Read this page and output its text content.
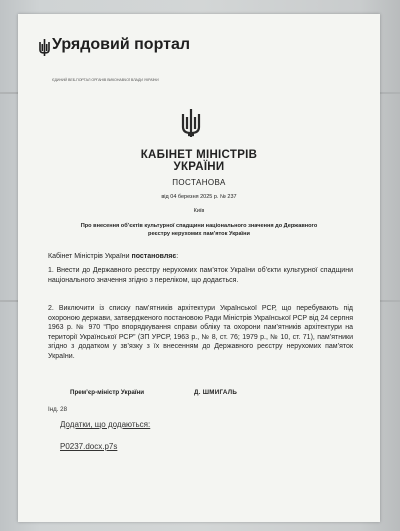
Урядовий портал
ЄДИНИЙ ВЕБ-ПОРТАЛ ОРГАНІВ ВИКОНАВЧОЇ ВЛАДИ УКРАЇНИ
КАБІНЕТ МІНІСТРІВ
УКРАЇНИ
ПОСТАНОВА
від 04 березня 2025 р. № 237
Київ
Про внесення об’єктів культурної спадщини національного значення до Державного реєстру нерухомих пам’яток України
Кабінет Міністрів України постановляє:
1. Внести до Державного реєстру нерухомих пам’яток України об’єкти культурної спадщини національного значення згідно з переліком, що додається.
2. Виключити із списку пам’ятників архітектури Української РСР, що перебувають під охороною держави, затвердженого постановою Ради Міністрів Української РСР від 24 серпня 1963 р. № 970 “Про впорядкування справи обліку та охорони пам’ятників архітектури на території Української РСР” (ЗП УРСР, 1963 р., № 8, ст. 76; 1979 р., № 10, ст. 71), пам’ятники згідно з додатком у зв’язку з їх внесенням до Державного реєстру нерухомих пам’яток України.
Прем’єр-міністр України	Д. ШМИГАЛЬ
Інд. 28
Додатки, що додаються:
P0237.docx.p7s
